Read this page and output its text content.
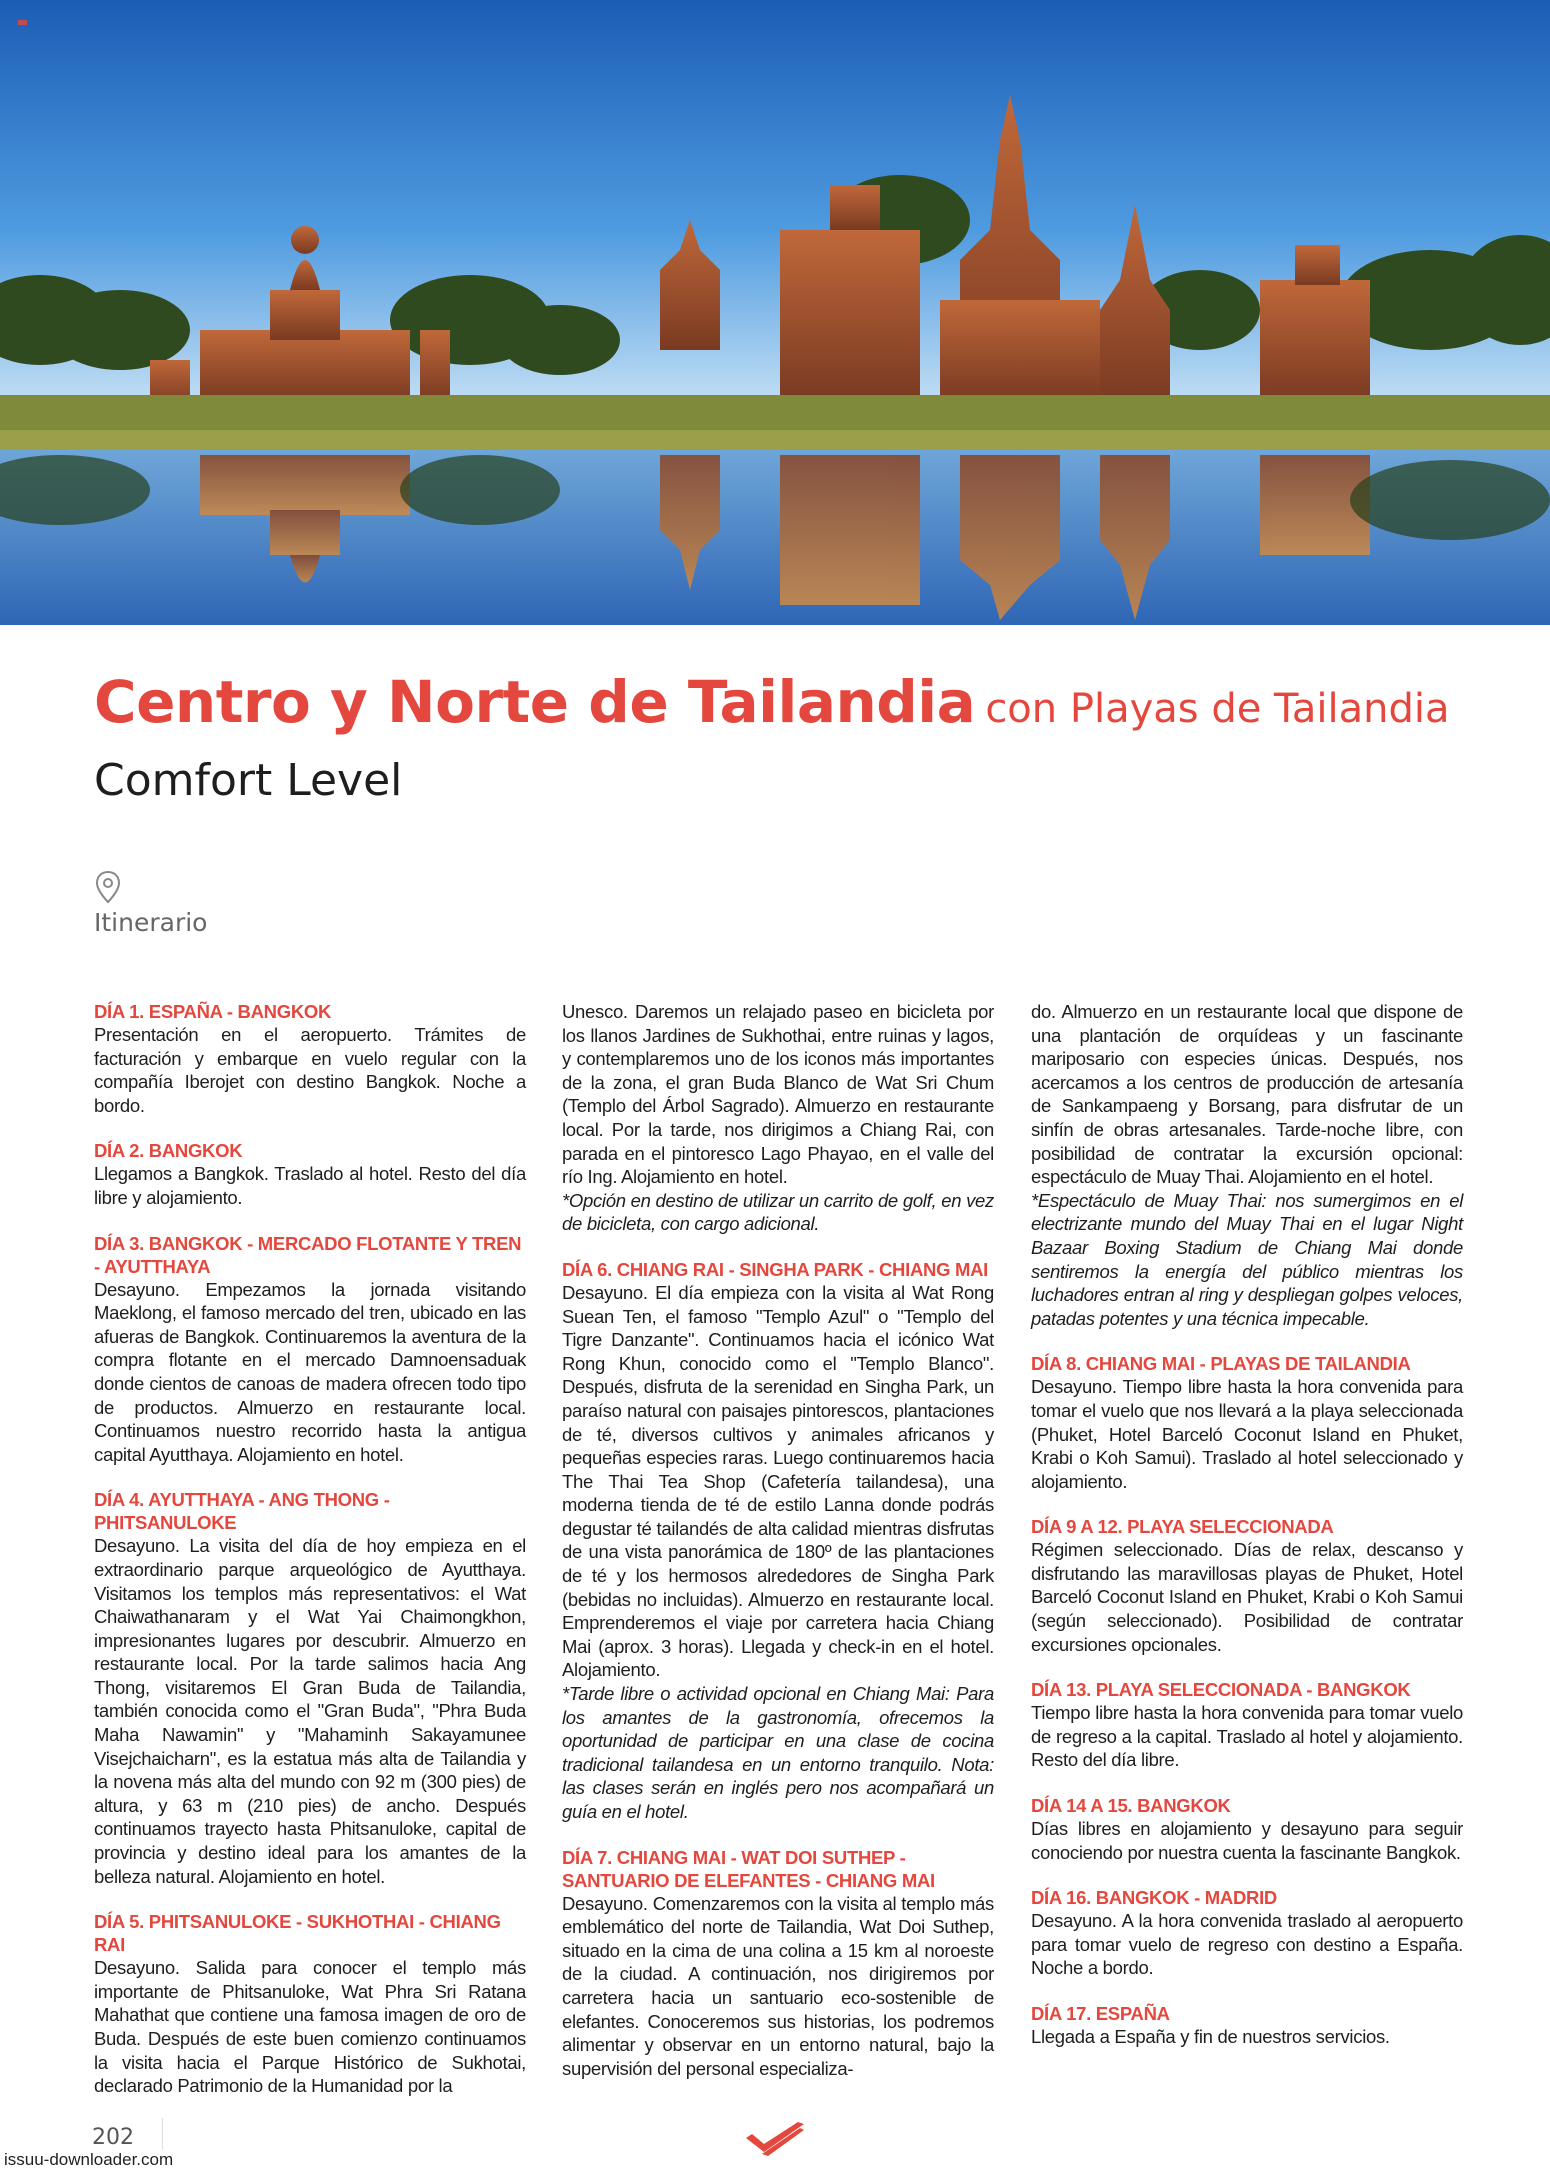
Centro y Norte de Tailandia con Playas de Tailandia
Comfort Level
Itinerario
DÍA 1. ESPAÑA - BANGKOK

Presentación en el aeropuerto. Trámites de facturación y embarque en vuelo regular con la compañía Iberojet con destino Bangkok. Noche a bordo.

DÍA 2. BANGKOK

Llegamos a Bangkok. Traslado al hotel. Resto del día libre y alojamiento.

DÍA 3. BANGKOK - MERCADO FLOTANTE Y TREN - AYUTTHAYA

Desayuno. Empezamos la jornada visitando Maeklong, el famoso mercado del tren, ubicado en las afueras de Bangkok. Continuaremos la aventura de la compra flotante en el mercado Damnoensaduak donde cientos de canoas de madera ofrecen todo tipo de productos. Almuerzo en restaurante local. Continuamos nuestro recorrido hasta la antigua capital Ayutthaya. Alojamiento en hotel.

DÍA 4. AYUTTHAYA - ANG THONG - PHITSANULOKE

Desayuno. La visita del día de hoy empieza en el extraordinario parque arqueológico de Ayutthaya. Visitamos los templos más representativos: el Wat Chaiwathanaram y el Wat Yai Chaimongkhon, impresionantes lugares por descubrir. Almuerzo en restaurante local. Por la tarde salimos hacia Ang Thong, visitaremos El Gran Buda de Tailandia, también conocida como el "Gran Buda", "Phra Buda Maha Nawamin" y "Mahaminh Sakayamunee Visejchaicharn", es la estatua más alta de Tailandia y la novena más alta del mundo con 92 m (300 pies) de altura, y 63 m (210 pies) de ancho. Después continuamos trayecto hasta Phitsanuloke, capital de provincia y destino ideal para los amantes de la belleza natural. Alojamiento en hotel.

DÍA 5. PHITSANULOKE - SUKHOTHAI - CHIANG RAI

Desayuno. Salida para conocer el templo más importante de Phitsanuloke, Wat Phra Sri Ratana Mahathat que contiene una famosa imagen de oro de Buda. Después de este buen comienzo continuamos la visita hacia el Parque Histórico de Sukhotai, declarado Patrimonio de la Humanidad por la

Unesco. Daremos un relajado paseo en bicicleta por los llanos Jardines de Sukhothai, entre ruinas y lagos, y contemplaremos uno de los iconos más importantes de la zona, el gran Buda Blanco de Wat Sri Chum (Templo del Árbol Sagrado). Almuerzo en restaurante local. Por la tarde, nos dirigimos a Chiang Rai, con parada en el pintoresco Lago Phayao, en el valle del río Ing. Alojamiento en hotel.

*Opción en destino de utilizar un carrito de golf, en vez de bicicleta, con cargo adicional.

DÍA 6. CHIANG RAI - SINGHA PARK - CHIANG MAI

Desayuno. El día empieza con la visita al Wat Rong Suean Ten, el famoso "Templo Azul" o "Templo del Tigre Danzante". Continuamos hacia el icónico Wat Rong Khun, conocido como el "Templo Blanco". Después, disfruta de la serenidad en Singha Park, un paraíso natural con paisajes pintorescos, plantaciones de té, diversos cultivos y animales africanos y pequeñas especies raras. Luego continuaremos hacia The Thai Tea Shop (Cafetería tailandesa), una moderna tienda de té de estilo Lanna donde podrás degustar té tailandés de alta calidad mientras disfrutas de una vista panorámica de 180º de las plantaciones de té y los hermosos alrededores de Singha Park (bebidas no incluidas). Almuerzo en restaurante local. Emprenderemos el viaje por carretera hacia Chiang Mai (aprox. 3 horas). Llegada y check-in en el hotel. Alojamiento.

*Tarde libre o actividad opcional en Chiang Mai: Para los amantes de la gastronomía, ofrecemos la oportunidad de participar en una clase de cocina tradicional tailandesa en un entorno tranquilo. Nota: las clases serán en inglés pero nos acompañará un guía en el hotel.

DÍA 7. CHIANG MAI - WAT DOI SUTHEP - SANTUARIO DE ELEFANTES - CHIANG MAI

Desayuno. Comenzaremos con la visita al templo más emblemático del norte de Tailandia, Wat Doi Suthep, situado en la cima de una colina a 15 km al noroeste de la ciudad. A continuación, nos dirigiremos por carretera hacia un santuario eco-sostenible de elefantes. Conoceremos sus historias, los podremos alimentar y observar en un entorno natural, bajo la supervisión del personal especializa-

do. Almuerzo en un restaurante local que dispone de una plantación de orquídeas y un fascinante mariposario con especies únicas. Después, nos acercamos a los centros de producción de artesanía de Sankampaeng y Borsang, para disfrutar de un sinfín de obras artesanales. Tarde-noche libre, con posibilidad de contratar la excursión opcional: espectáculo de Muay Thai. Alojamiento en el hotel.

*Espectáculo de Muay Thai: nos sumergimos en el electrizante mundo del Muay Thai en el lugar Night Bazaar Boxing Stadium de Chiang Mai donde sentiremos la energía del público mientras los luchadores entran al ring y despliegan golpes veloces, patadas potentes y una técnica impecable.

DÍA 8. CHIANG MAI - PLAYAS DE TAILANDIA

Desayuno. Tiempo libre hasta la hora convenida para tomar el vuelo que nos llevará a la playa seleccionada (Phuket, Hotel Barceló Coconut Island en Phuket, Krabi o Koh Samui). Traslado al hotel seleccionado y alojamiento.

DÍA 9 A 12. PLAYA SELECCIONADA

Régimen seleccionado. Días de relax, descanso y disfrutando las maravillosas playas de Phuket, Hotel Barceló Coconut Island en Phuket, Krabi o Koh Samui (según seleccionado). Posibilidad de contratar excursiones opcionales.

DÍA 13. PLAYA SELECCIONADA - BANGKOK

Tiempo libre hasta la hora convenida para tomar vuelo de regreso a la capital. Traslado al hotel y alojamiento. Resto del día libre.

DÍA 14 A 15. BANGKOK

Días libres en alojamiento y desayuno para seguir conociendo por nuestra cuenta la fascinante Bangkok.

DÍA 16. BANGKOK - MADRID

Desayuno. A la hora convenida traslado al aeropuerto para tomar vuelo de regreso con destino a España. Noche a bordo.

DÍA 17. ESPAÑA

Llegada a España y fin de nuestros servicios.

202
issuu-downloader.com
